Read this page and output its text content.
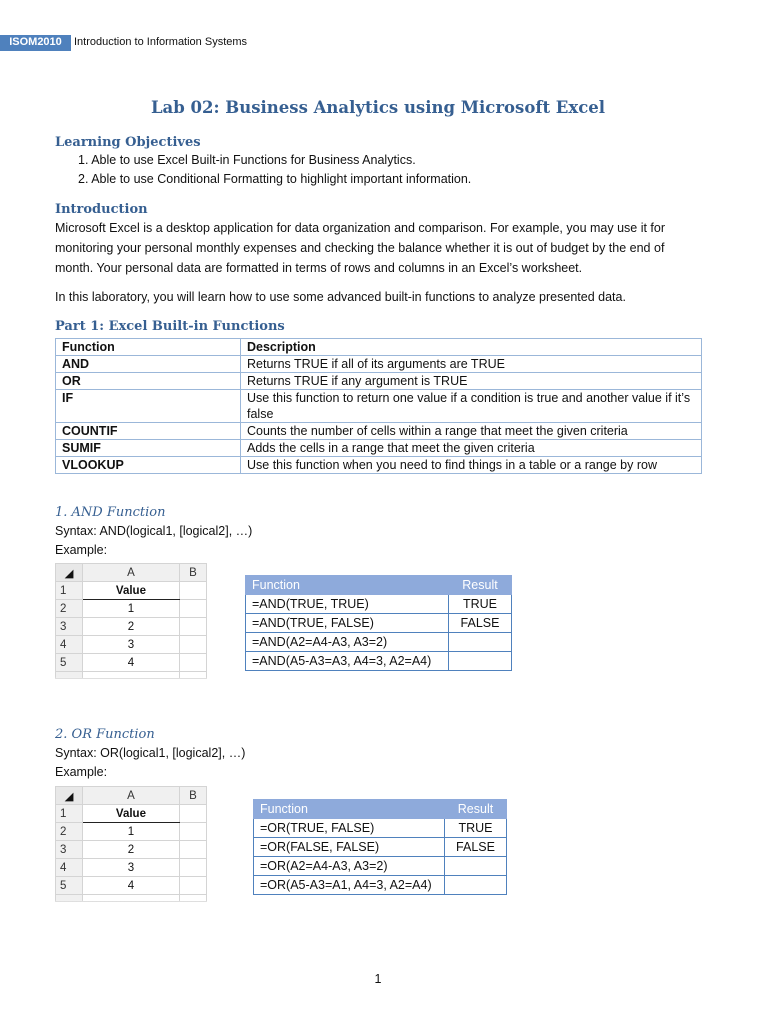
ISOM2010	Introduction to Information Systems
Lab 02: Business Analytics using Microsoft Excel
Learning Objectives
1. Able to use Excel Built-in Functions for Business Analytics.
2. Able to use Conditional Formatting to highlight important information.
Introduction
Microsoft Excel is a desktop application for data organization and comparison. For example, you may use it for
monitoring your personal monthly expenses and checking the balance whether it is out of budget by the end of
month. Your personal data are formatted in terms of rows and columns in an Excel’s worksheet.
In this laboratory, you will learn how to use some advanced built-in functions to analyze presented data.
Part 1: Excel Built-in Functions
Function	Description
AND	Returns TRUE if all of its arguments are TRUE
OR	Returns TRUE if any argument is TRUE
IF	Use this function to return one value if a condition is true and another value if it’s false
COUNTIF	Counts the number of cells within a range that meet the given criteria
SUMIF	Adds the cells in a range that meet the given criteria
VLOOKUP	Use this function when you need to find things in a table or a range by row
1. AND Function
Syntax: AND(logical1, [logical2], …)
Example:
◢	A	B
1	Value	
2	1	
3	2	
4	3	
5	4	

Function	Result
=AND(TRUE, TRUE)	TRUE
=AND(TRUE, FALSE)	FALSE
=AND(A2=A4-A3, A3=2)	
=AND(A5-A3=A3, A4=3, A2=A4)	
2. OR Function
Syntax: OR(logical1, [logical2], …)
Example:
◢	A	B
1	Value	
2	1	
3	2	
4	3	
5	4	

Function	Result
=OR(TRUE, FALSE)	TRUE
=OR(FALSE, FALSE)	FALSE
=OR(A2=A4-A3, A3=2)	
=OR(A5-A3=A1, A4=3, A2=A4)	
1
